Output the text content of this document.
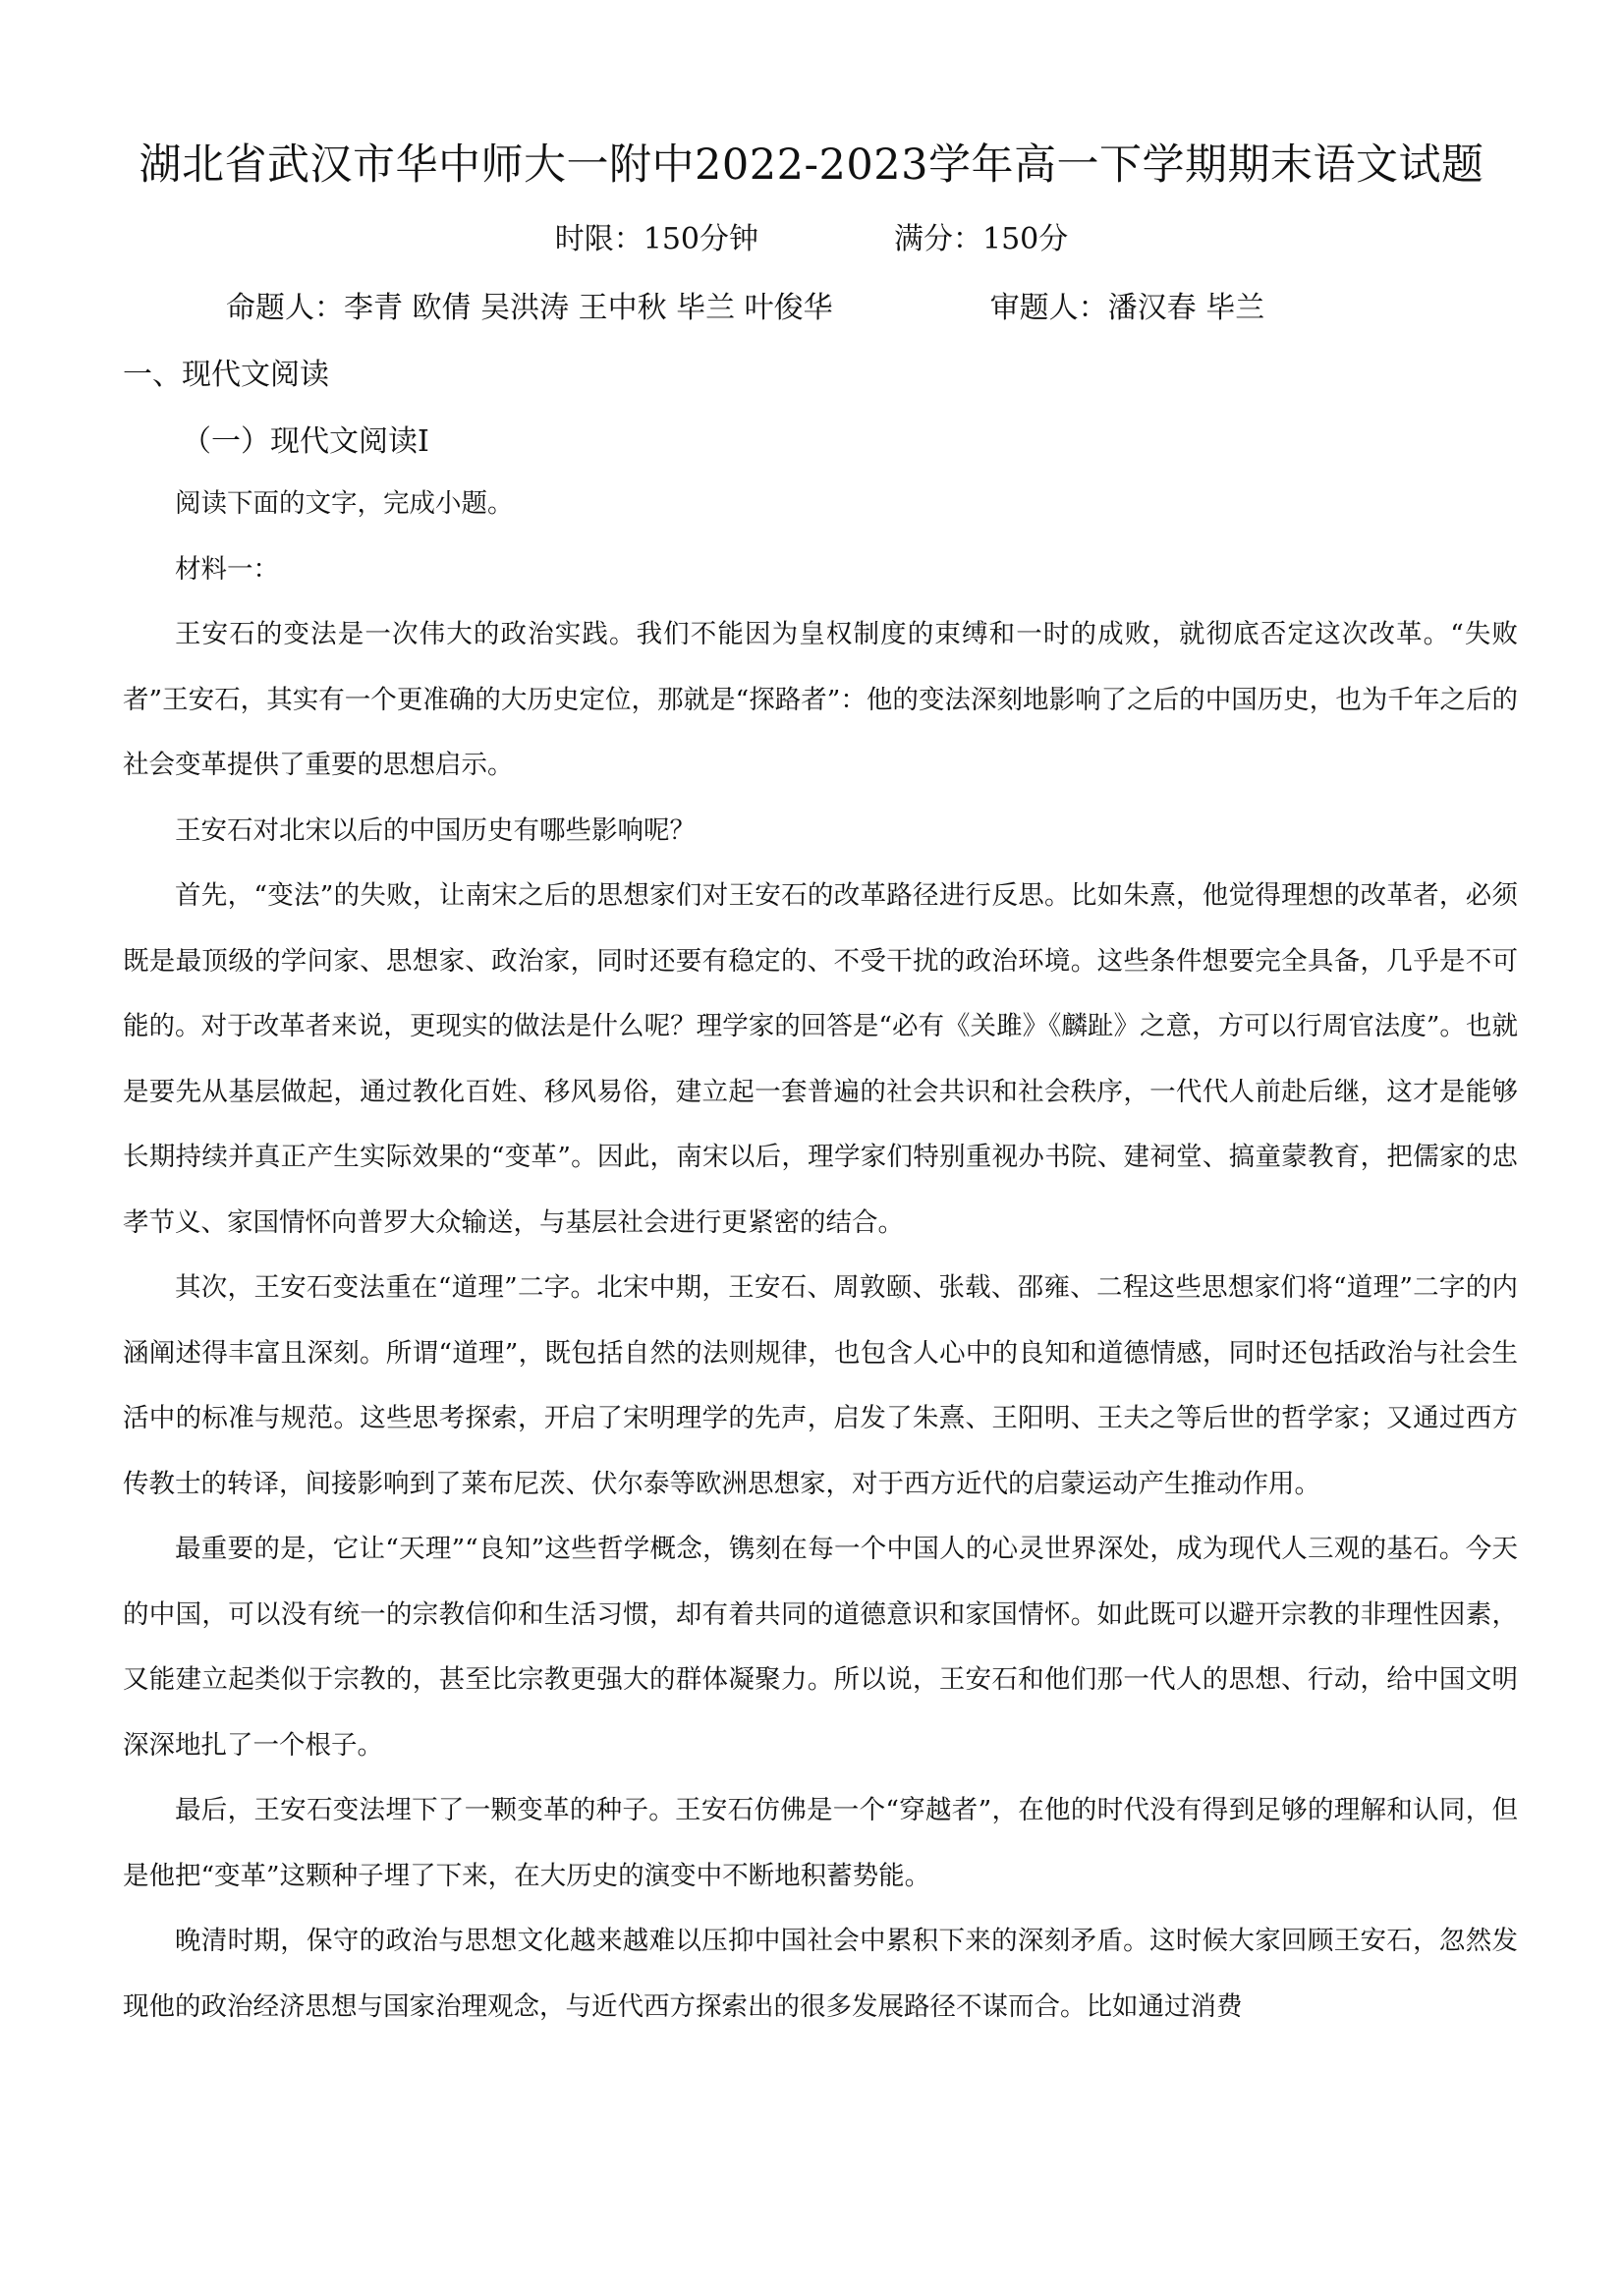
湖北省武汉市华中师大一附中2022-2023学年高一下学期期末语文试题
时限：150分钟	满分：150分
命题人：李青 欧倩 吴洪涛 王中秋 毕兰 叶俊华	审题人：潘汉春 毕兰
一、现代文阅读
（一）现代文阅读Ⅰ

阅读下面的文字，完成小题。

材料一：

王安石的变法是一次伟大的政治实践。我们不能因为皇权制度的束缚和一时的成败，就彻底否定这次改革。“失败者”王安石，其实有一个更准确的大历史定位，那就是“探路者”：他的变法深刻地影响了之后的中国历史，也为千年之后的社会变革提供了重要的思想启示。

王安石对北宋以后的中国历史有哪些影响呢？

首先，“变法”的失败，让南宋之后的思想家们对王安石的改革路径进行反思。比如朱熹，他觉得理想的改革者，必须既是最顶级的学问家、思想家、政治家，同时还要有稳定的、不受干扰的政治环境。这些条件想要完全具备，几乎是不可能的。对于改革者来说，更现实的做法是什么呢？理学家的回答是“必有《关雎》《麟趾》之意，方可以行周官法度”。也就是要先从基层做起，通过教化百姓、移风易俗，建立起一套普遍的社会共识和社会秩序，一代代人前赴后继，这才是能够长期持续并真正产生实际效果的“变革”。因此，南宋以后，理学家们特别重视办书院、建祠堂、搞童蒙教育，把儒家的忠孝节义、家国情怀向普罗大众输送，与基层社会进行更紧密的结合。

其次，王安石变法重在“道理”二字。北宋中期，王安石、周敦颐、张载、邵雍、二程这些思想家们将“道理”二字的内涵阐述得丰富且深刻。所谓“道理”，既包括自然的法则规律，也包含人心中的良知和道德情感，同时还包括政治与社会生活中的标准与规范。这些思考探索，开启了宋明理学的先声，启发了朱熹、王阳明、王夫之等后世的哲学家；又通过西方传教士的转译，间接影响到了莱布尼茨、伏尔泰等欧洲思想家，对于西方近代的启蒙运动产生推动作用。

最重要的是，它让“天理”“良知”这些哲学概念，镌刻在每一个中国人的心灵世界深处，成为现代人三观的基石。今天的中国，可以没有统一的宗教信仰和生活习惯，却有着共同的道德意识和家国情怀。如此既可以避开宗教的非理性因素，又能建立起类似于宗教的，甚至比宗教更强大的群体凝聚力。所以说，王安石和他们那一代人的思想、行动，给中国文明深深地扎了一个根子。

最后，王安石变法埋下了一颗变革的种子。王安石仿佛是一个“穿越者”，在他的时代没有得到足够的理解和认同，但是他把“变革”这颗种子埋了下来，在大历史的演变中不断地积蓄势能。

晚清时期，保守的政治与思想文化越来越难以压抑中国社会中累积下来的深刻矛盾。这时候大家回顾王安石，忽然发现他的政治经济思想与国家治理观念，与近代西方探索出的很多发展路径不谋而合。比如通过消费
